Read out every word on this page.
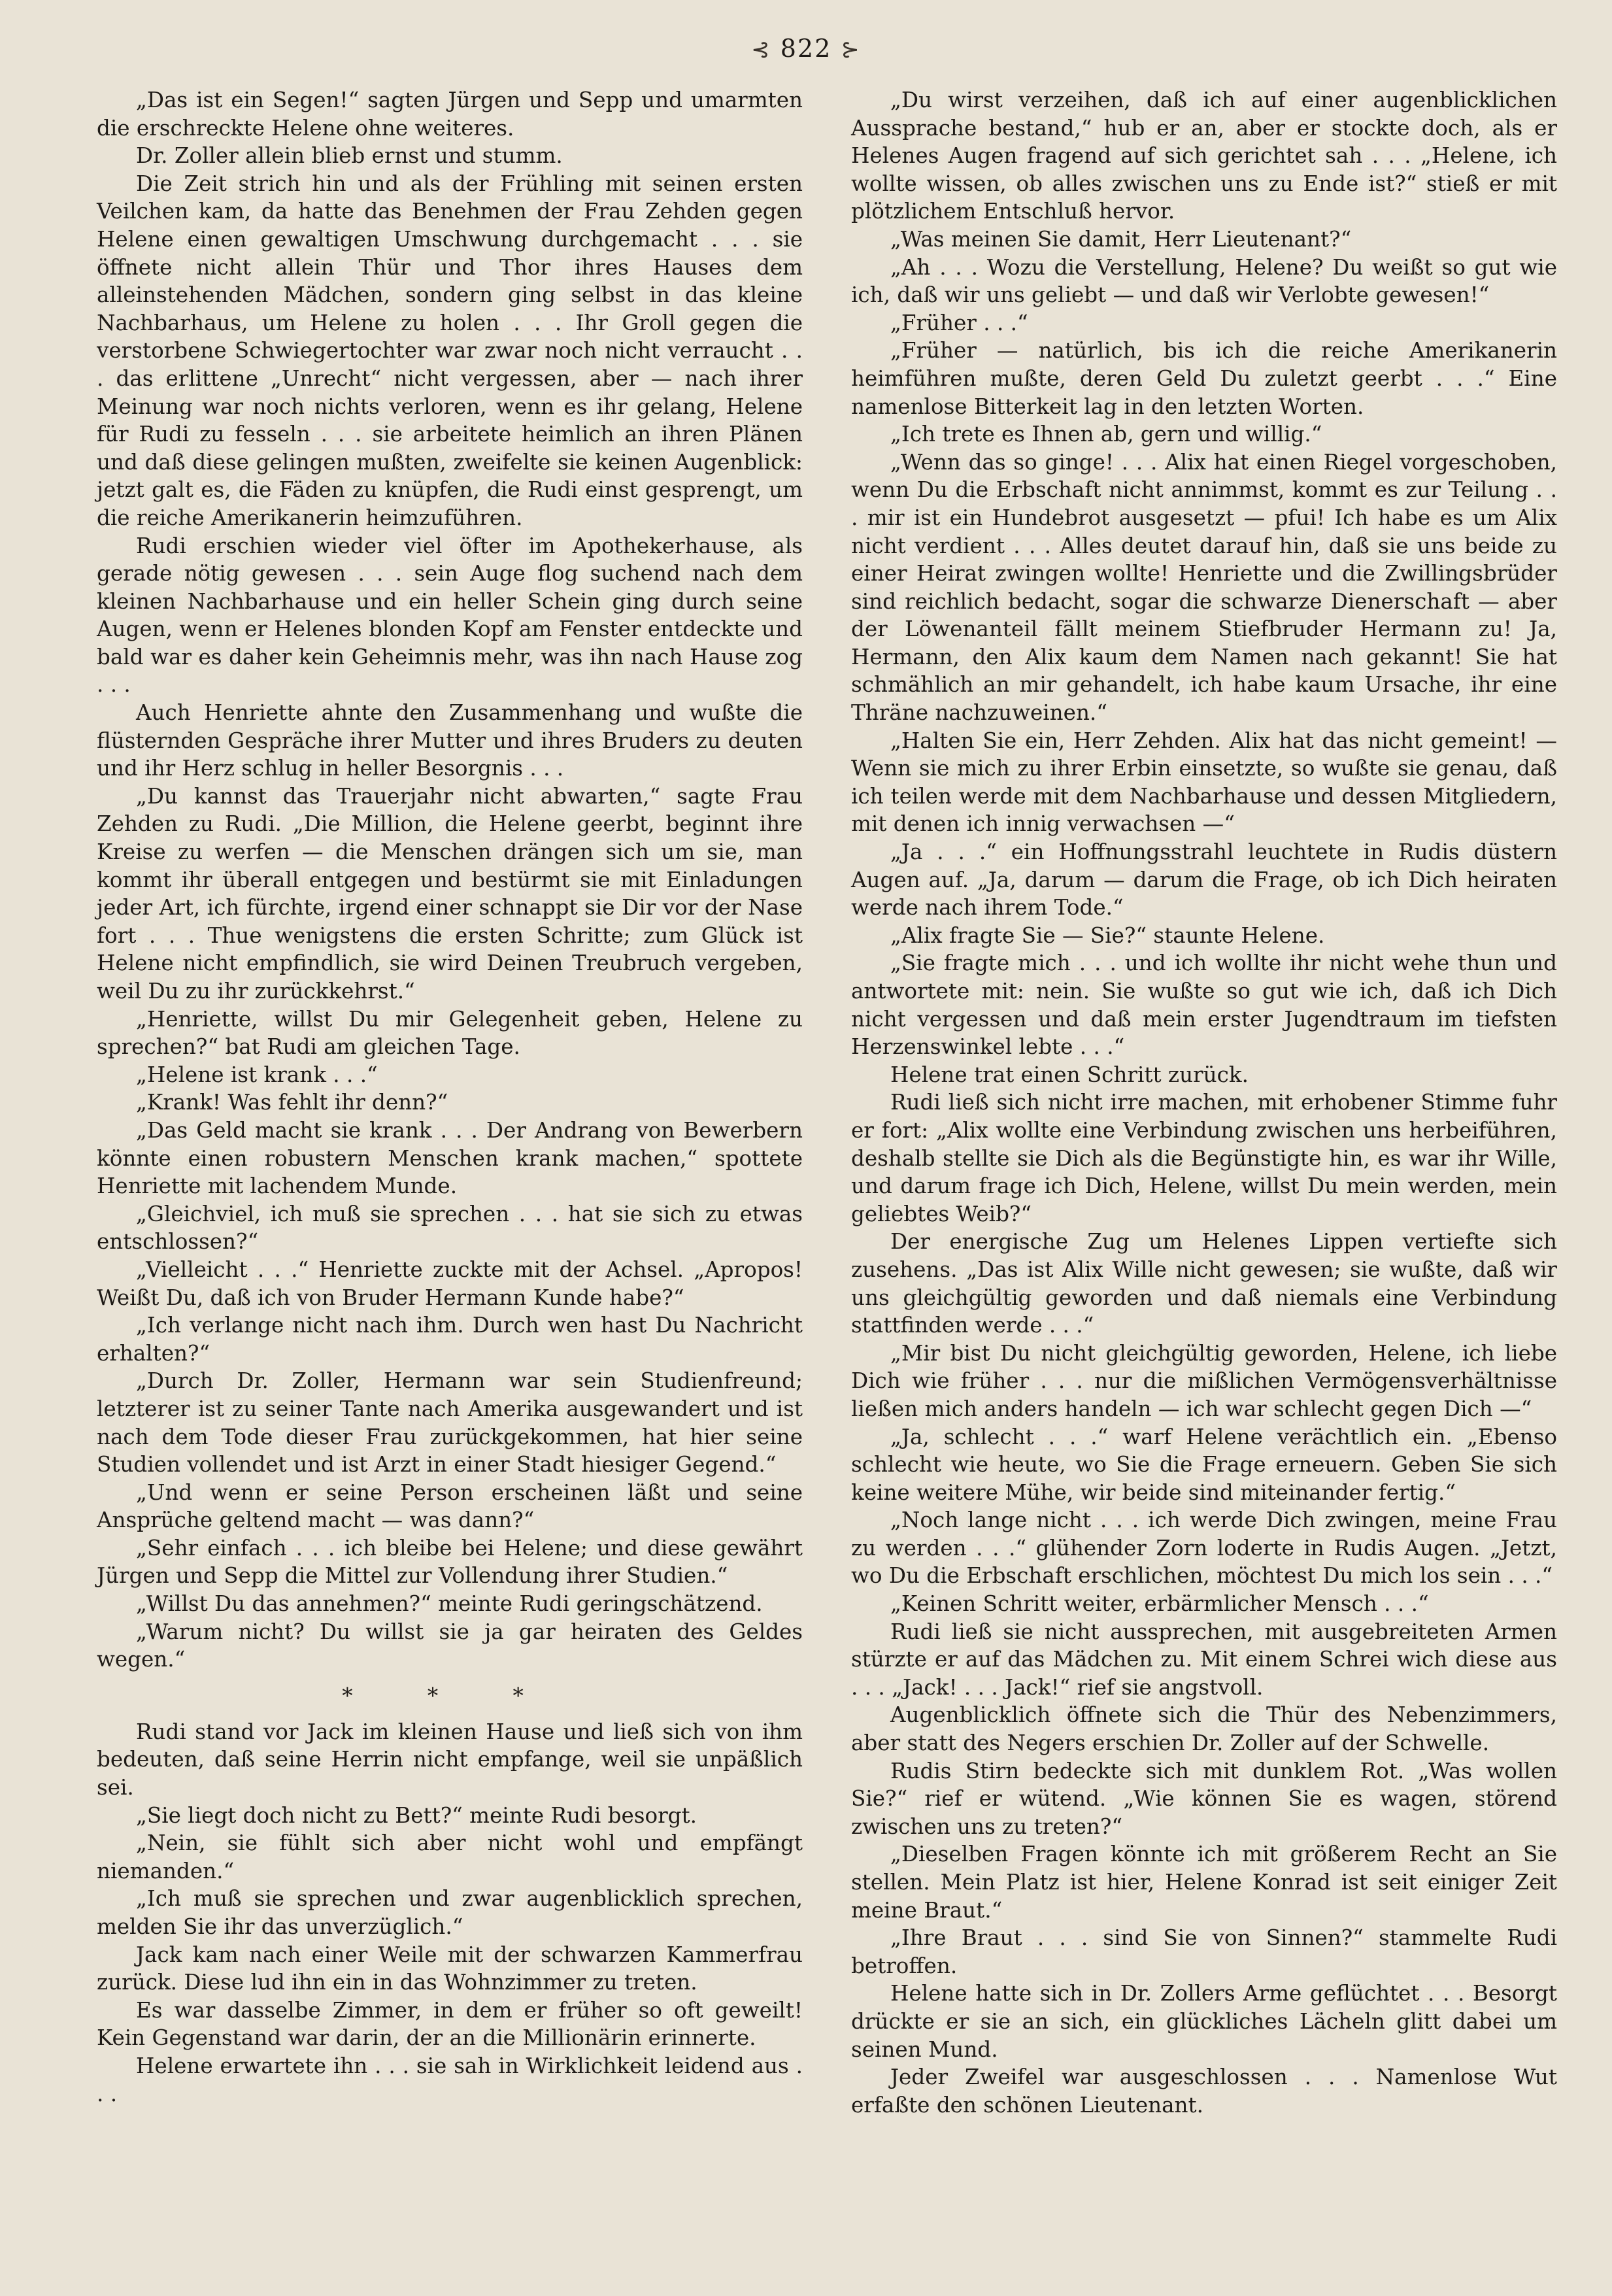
⊰ 822 ⊱

„Das ist ein Segen!“ sagten Jürgen und Sepp und umarmten die erschreckte Helene ohne weiteres.

Dr. Zoller allein blieb ernst und stumm.

Die Zeit strich hin und als der Frühling mit seinen ersten Veilchen kam, da hatte das Benehmen der Frau Zehden gegen Helene einen gewaltigen Umschwung durchgemacht . . . sie öffnete nicht allein Thür und Thor ihres Hauses dem alleinstehenden Mädchen, sondern ging selbst in das kleine Nachbarhaus, um Helene zu holen . . . Ihr Groll gegen die verstorbene Schwiegertochter war zwar noch nicht verraucht . . . das erlittene „Unrecht“ nicht vergessen, aber — nach ihrer Meinung war noch nichts verloren, wenn es ihr gelang, Helene für Rudi zu fesseln . . . sie arbeitete heimlich an ihren Plänen und daß diese gelingen mußten, zweifelte sie keinen Augenblick: jetzt galt es, die Fäden zu knüpfen, die Rudi einst gesprengt, um die reiche Amerikanerin heimzuführen.

Rudi erschien wieder viel öfter im Apothekerhause, als gerade nötig gewesen . . . sein Auge flog suchend nach dem kleinen Nachbarhause und ein heller Schein ging durch seine Augen, wenn er Helenes blonden Kopf am Fenster entdeckte und bald war es daher kein Geheimnis mehr, was ihn nach Hause zog . . .

Auch Henriette ahnte den Zusammenhang und wußte die flüsternden Gespräche ihrer Mutter und ihres Bruders zu deuten und ihr Herz schlug in heller Besorgnis . . .

„Du kannst das Trauerjahr nicht abwarten,“ sagte Frau Zehden zu Rudi. „Die Million, die Helene geerbt, beginnt ihre Kreise zu werfen — die Menschen drängen sich um sie, man kommt ihr überall entgegen und bestürmt sie mit Einladungen jeder Art, ich fürchte, irgend einer schnappt sie Dir vor der Nase fort . . . Thue wenigstens die ersten Schritte; zum Glück ist Helene nicht empfindlich, sie wird Deinen Treubruch vergeben, weil Du zu ihr zurückkehrst.“

„Henriette, willst Du mir Gelegenheit geben, Helene zu sprechen?“ bat Rudi am gleichen Tage.

„Helene ist krank . . .“

„Krank! Was fehlt ihr denn?“

„Das Geld macht sie krank . . . Der Andrang von Bewerbern könnte einen robustern Menschen krank machen,“ spottete Henriette mit lachendem Munde.

„Gleichviel, ich muß sie sprechen . . . hat sie sich zu etwas entschlossen?“

„Vielleicht . . .“ Henriette zuckte mit der Achsel. „Apropos! Weißt Du, daß ich von Bruder Hermann Kunde habe?“

„Ich verlange nicht nach ihm. Durch wen hast Du Nachricht erhalten?“

„Durch Dr. Zoller, Hermann war sein Studienfreund; letzterer ist zu seiner Tante nach Amerika ausgewandert und ist nach dem Tode dieser Frau zurückgekommen, hat hier seine Studien vollendet und ist Arzt in einer Stadt hiesiger Gegend.“

„Und wenn er seine Person erscheinen läßt und seine Ansprüche geltend macht — was dann?“

„Sehr einfach . . . ich bleibe bei Helene; und diese gewährt Jürgen und Sepp die Mittel zur Vollendung ihrer Studien.“

„Willst Du das annehmen?“ meinte Rudi geringschätzend.

„Warum nicht? Du willst sie ja gar heiraten des Geldes wegen.“

* * *

Rudi stand vor Jack im kleinen Hause und ließ sich von ihm bedeuten, daß seine Herrin nicht empfange, weil sie unpäßlich sei.

„Sie liegt doch nicht zu Bett?“ meinte Rudi besorgt.

„Nein, sie fühlt sich aber nicht wohl und empfängt niemanden.“

„Ich muß sie sprechen und zwar augenblicklich sprechen, melden Sie ihr das unverzüglich.“

Jack kam nach einer Weile mit der schwarzen Kammerfrau zurück. Diese lud ihn ein in das Wohnzimmer zu treten.

Es war dasselbe Zimmer, in dem er früher so oft geweilt! Kein Gegenstand war darin, der an die Millionärin erinnerte.

Helene erwartete ihn . . . sie sah in Wirklichkeit leidend aus . . .

„Du wirst verzeihen, daß ich auf einer augenblicklichen Aussprache bestand,“ hub er an, aber er stockte doch, als er Helenes Augen fragend auf sich gerichtet sah . . . „Helene, ich wollte wissen, ob alles zwischen uns zu Ende ist?“ stieß er mit plötzlichem Entschluß hervor.

„Was meinen Sie damit, Herr Lieutenant?“

„Ah . . . Wozu die Verstellung, Helene? Du weißt so gut wie ich, daß wir uns geliebt — und daß wir Verlobte gewesen!“

„Früher . . .“

„Früher — natürlich, bis ich die reiche Amerikanerin heimführen mußte, deren Geld Du zuletzt geerbt . . .“ Eine namenlose Bitterkeit lag in den letzten Worten.

„Ich trete es Ihnen ab, gern und willig.“

„Wenn das so ginge! . . . Alix hat einen Riegel vorgeschoben, wenn Du die Erbschaft nicht annimmst, kommt es zur Teilung . . . mir ist ein Hundebrot ausgesetzt — pfui! Ich habe es um Alix nicht verdient . . . Alles deutet darauf hin, daß sie uns beide zu einer Heirat zwingen wollte! Henriette und die Zwillingsbrüder sind reichlich bedacht, sogar die schwarze Dienerschaft — aber der Löwenanteil fällt meinem Stiefbruder Hermann zu! Ja, Hermann, den Alix kaum dem Namen nach gekannt! Sie hat schmählich an mir gehandelt, ich habe kaum Ursache, ihr eine Thräne nachzuweinen.“

„Halten Sie ein, Herr Zehden. Alix hat das nicht gemeint! — Wenn sie mich zu ihrer Erbin einsetzte, so wußte sie genau, daß ich teilen werde mit dem Nachbarhause und dessen Mitgliedern, mit denen ich innig verwachsen —“

„Ja . . .“ ein Hoffnungsstrahl leuchtete in Rudis düstern Augen auf. „Ja, darum — darum die Frage, ob ich Dich heiraten werde nach ihrem Tode.“

„Alix fragte Sie — Sie?“ staunte Helene.

„Sie fragte mich . . . und ich wollte ihr nicht wehe thun und antwortete mit: nein. Sie wußte so gut wie ich, daß ich Dich nicht vergessen und daß mein erster Jugendtraum im tiefsten Herzenswinkel lebte . . .“

Helene trat einen Schritt zurück.

Rudi ließ sich nicht irre machen, mit erhobener Stimme fuhr er fort: „Alix wollte eine Verbindung zwischen uns herbeiführen, deshalb stellte sie Dich als die Begünstigte hin, es war ihr Wille, und darum frage ich Dich, Helene, willst Du mein werden, mein geliebtes Weib?“

Der energische Zug um Helenes Lippen vertiefte sich zusehens. „Das ist Alix Wille nicht gewesen; sie wußte, daß wir uns gleichgültig geworden und daß niemals eine Verbindung stattfinden werde . . .“

„Mir bist Du nicht gleichgültig geworden, Helene, ich liebe Dich wie früher . . . nur die mißlichen Vermögensverhältnisse ließen mich anders handeln — ich war schlecht gegen Dich —“

„Ja, schlecht . . .“ warf Helene verächtlich ein. „Ebenso schlecht wie heute, wo Sie die Frage erneuern. Geben Sie sich keine weitere Mühe, wir beide sind miteinander fertig.“

„Noch lange nicht . . . ich werde Dich zwingen, meine Frau zu werden . . .“ glühender Zorn loderte in Rudis Augen. „Jetzt, wo Du die Erbschaft erschlichen, möchtest Du mich los sein . . .“

„Keinen Schritt weiter, erbärmlicher Mensch . . .“

Rudi ließ sie nicht aussprechen, mit ausgebreiteten Armen stürzte er auf das Mädchen zu. Mit einem Schrei wich diese aus . . . „Jack! . . . Jack!“ rief sie angstvoll.

Augenblicklich öffnete sich die Thür des Nebenzimmers, aber statt des Negers erschien Dr. Zoller auf der Schwelle.

Rudis Stirn bedeckte sich mit dunklem Rot. „Was wollen Sie?“ rief er wütend. „Wie können Sie es wagen, störend zwischen uns zu treten?“

„Dieselben Fragen könnte ich mit größerem Recht an Sie stellen. Mein Platz ist hier, Helene Konrad ist seit einiger Zeit meine Braut.“

„Ihre Braut . . . sind Sie von Sinnen?“ stammelte Rudi betroffen.

Helene hatte sich in Dr. Zollers Arme geflüchtet . . . Besorgt drückte er sie an sich, ein glückliches Lächeln glitt dabei um seinen Mund.

Jeder Zweifel war ausgeschlossen . . . Namenlose Wut erfaßte den schönen Lieutenant.
